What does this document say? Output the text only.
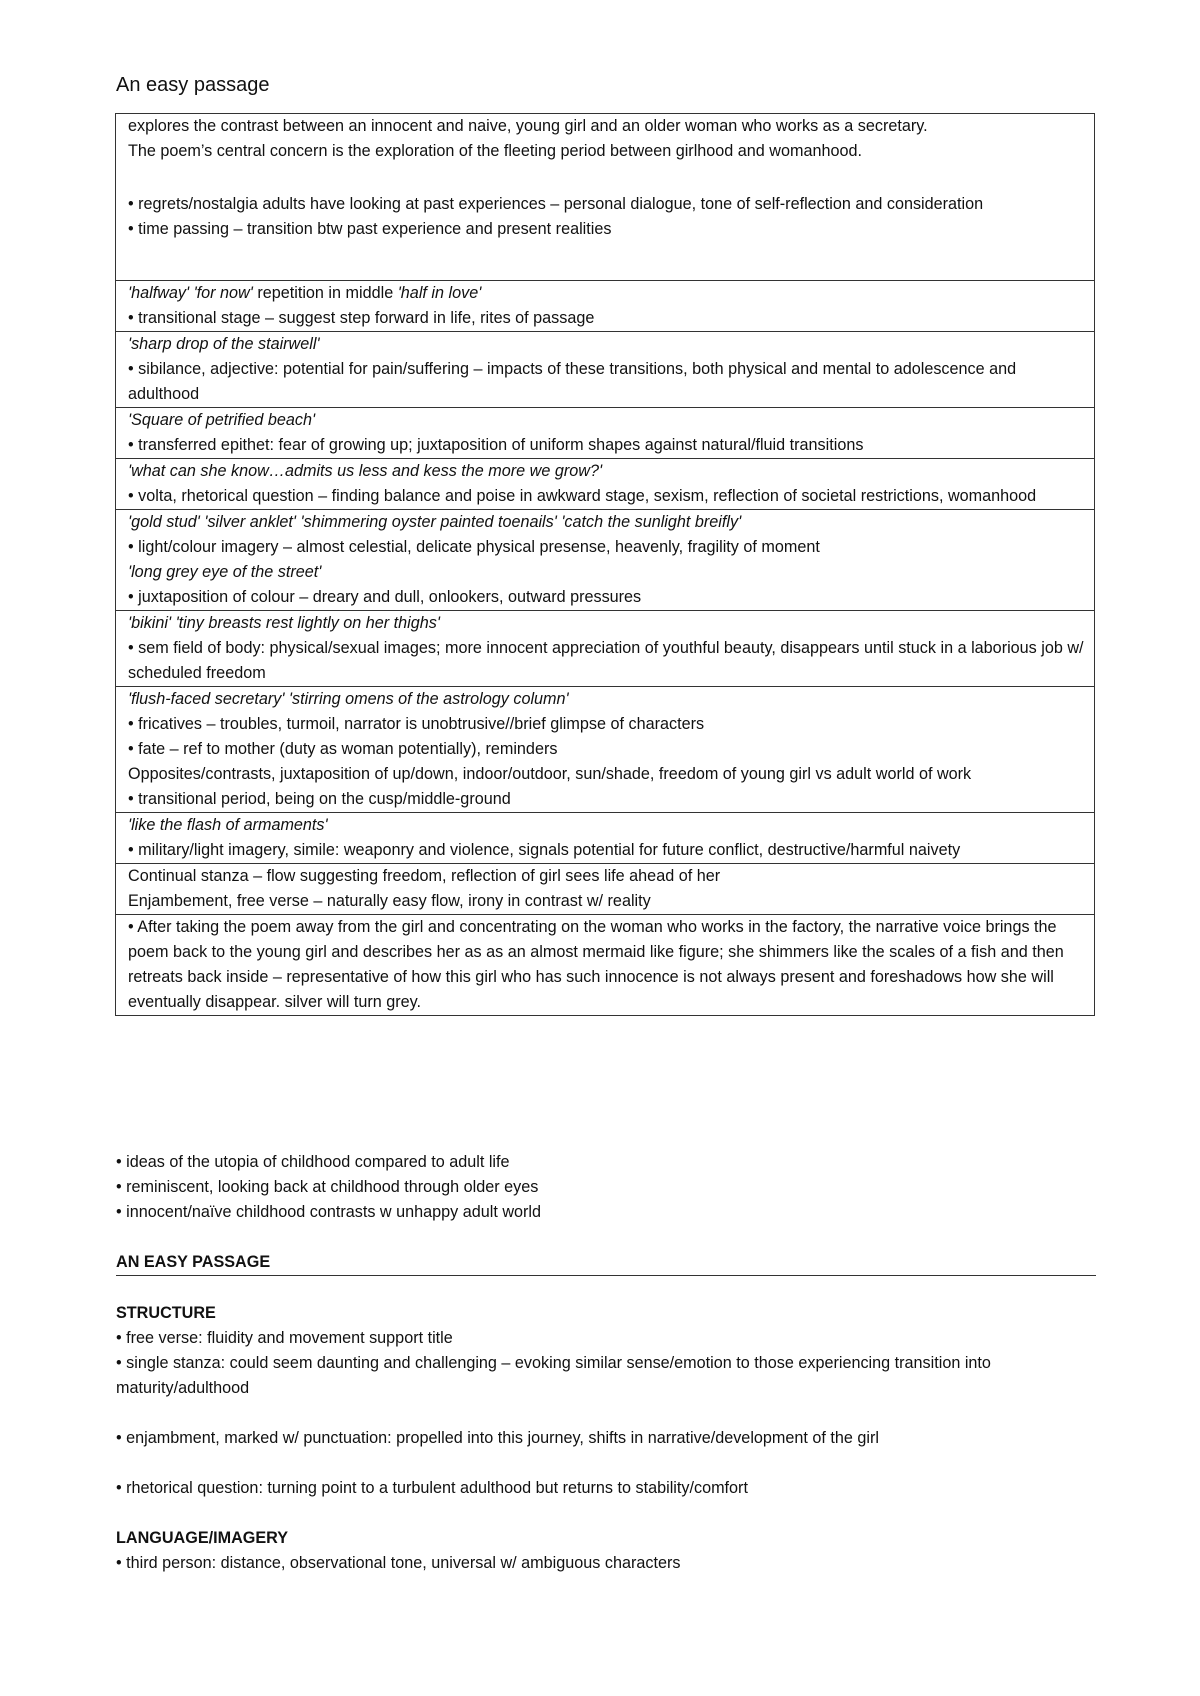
An easy passage
explores the contrast between an innocent and naive, young girl and an older woman who works as a secretary.
The poem’s central concern is the exploration of the fleeting period between girlhood and womanhood.
• regrets/nostalgia adults have looking at past experiences – personal dialogue, tone of self-reflection and consideration
• time passing – transition btw past experience and present realities

'halfway' 'for now' repetition in middle 'half in love'
• transitional stage – suggest step forward in life, rites of passage

'sharp drop of the stairwell'
• sibilance, adjective: potential for pain/suffering – impacts of these transitions, both physical and mental to adolescence and adulthood

'Square of petrified beach'
• transferred epithet: fear of growing up; juxtaposition of uniform shapes against natural/fluid transitions

'what can she know…admits us less and kess the more we grow?'
• volta, rhetorical question – finding balance and poise in awkward stage, sexism, reflection of societal restrictions, womanhood

'gold stud' 'silver anklet' 'shimmering oyster painted toenails' 'catch the sunlight breifly'
• light/colour imagery – almost celestial, delicate physical presense, heavenly, fragility of moment
'long grey eye of the street'
• juxtaposition of colour – dreary and dull, onlookers, outward pressures

'bikini' 'tiny breasts rest lightly on her thighs'
• sem field of body: physical/sexual images; more innocent appreciation of youthful beauty, disappears until stuck in a laborious job w/ scheduled freedom

'flush-faced secretary' 'stirring omens of the astrology column'
• fricatives – troubles, turmoil, narrator is unobtrusive//brief glimpse of characters
• fate – ref to mother (duty as woman potentially), reminders
Opposites/contrasts, juxtaposition of up/down, indoor/outdoor, sun/shade, freedom of young girl vs adult world of work
• transitional period, being on the cusp/middle-ground

'like the flash of armaments'
• military/light imagery, simile: weaponry and violence, signals potential for future conflict, destructive/harmful naivety

Continual stanza – flow suggesting freedom, reflection of girl sees life ahead of her
Enjambement, free verse – naturally easy flow, irony in contrast w/ reality

• After taking the poem away from the girl and concentrating on the woman who works in the factory, the narrative voice brings the poem back to the young girl and describes her as as an almost mermaid like figure; she shimmers like the scales of a fish and then retreats back inside – representative of how this girl who has such innocence is not always present and foreshadows how she will eventually disappear. silver will turn grey.
• ideas of the utopia of childhood compared to adult life
• reminiscent, looking back at childhood through older eyes
• innocent/naïve childhood contrasts w unhappy adult world
AN EASY PASSAGE
STRUCTURE
• free verse: fluidity and movement support title
• single stanza: could seem daunting and challenging – evoking similar sense/emotion to those experiencing transition into maturity/adulthood
• enjambment, marked w/ punctuation: propelled into this journey, shifts in narrative/development of the girl
• rhetorical question: turning point to a turbulent adulthood but returns to stability/comfort
LANGUAGE/IMAGERY
• third person: distance, observational tone, universal w/ ambiguous characters
